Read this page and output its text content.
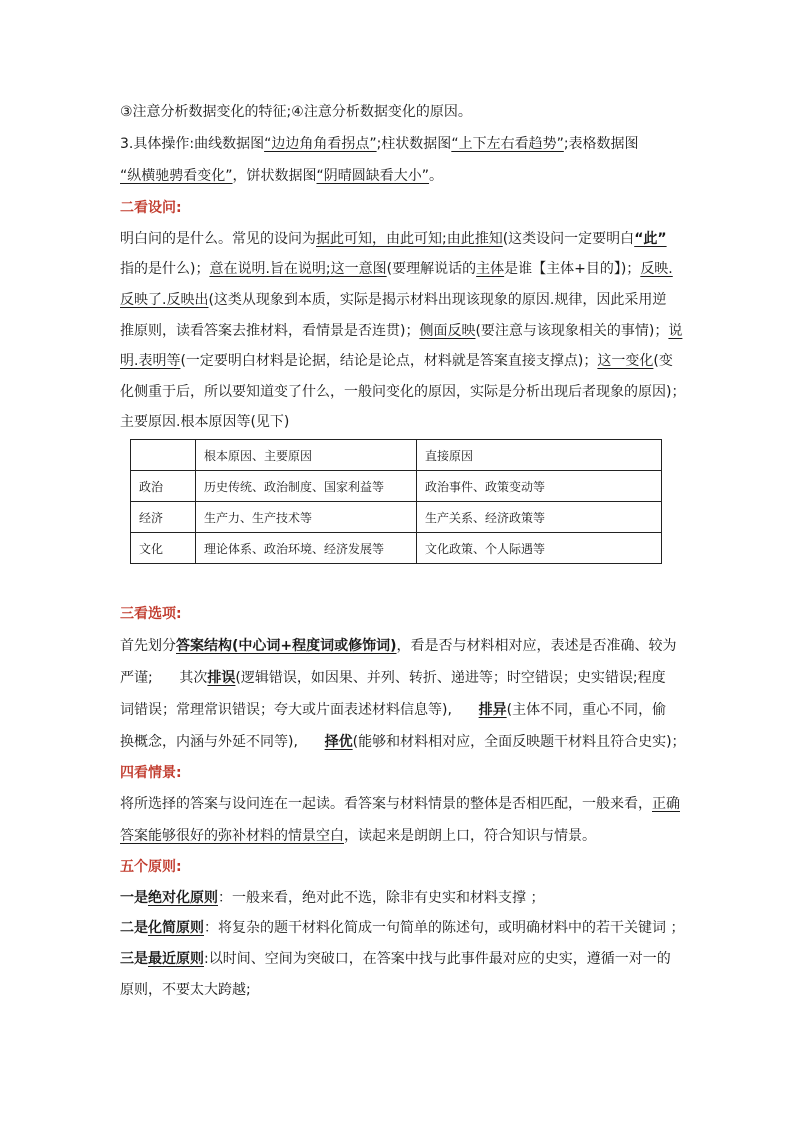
③注意分析数据变化的特征;④注意分析数据变化的原因。
3.具体操作:曲线数据图“边边角角看拐点”;柱状数据图“上下左右看趋势”;表格数据图
“纵横驰骋看变化”，饼状数据图“阴晴圆缺看大小”。
二看设问:
明白问的是什么。常见的设问为据此可知，由此可知;由此推知(这类设问一定要明白“此”
指的是什么)；意在说明.旨在说明;这一意图(要理解说话的主体是谁【主体+目的】)；反映.
反映了.反映出(这类从现象到本质，实际是揭示材料出现该现象的原因.规律，因此采用逆
推原则，读看答案去推材料，看情景是否连贯)；侧面反映(要注意与该现象相关的事情)；说
明.表明等(一定要明白材料是论据，结论是论点，材料就是答案直接支撑点)；这一变化(变
化侧重于后，所以要知道变了什么，一般问变化的原因，实际是分析出现后者现象的原因)；
主要原因.根本原因等(见下)
	根本原因、主要原因	直接原因
政治	历史传统、政治制度、国家利益等	政治事件、政策变动等
经济	生产力、生产技术等	生产关系、经济政策等
文化	理论体系、政治环境、经济发展等	文化政策、个人际遇等
三看选项:
首先划分答案结构(中心词+程度词或修饰词)，看是否与材料相对应，表述是否准确、较为
严谨;      其次排误(逻辑错误，如因果、并列、转折、递进等；时空错误；史实错误;程度
词错误；常理常识错误；夸大或片面表述材料信息等),      排异(主体不同，重心不同，偷
换概念，内涵与外延不同等),      择优(能够和材料相对应，全面反映题干材料且符合史实)；
四看情景:
将所选择的答案与设问连在一起读。看答案与材料情景的整体是否相匹配，一般来看，正确
答案能够很好的弥补材料的情景空白，读起来是朗朗上口，符合知识与情景。
五个原则:
一是绝对化原则：一般来看，绝对此不选，除非有史实和材料支撑 ；
二是化简原则：将复杂的题干材料化简成一句简单的陈述句，或明确材料中的若干关键词 ；
三是最近原则:以时间、空间为突破口，在答案中找与此事件最对应的史实，遵循一对一的
原则，不要太大跨越;
